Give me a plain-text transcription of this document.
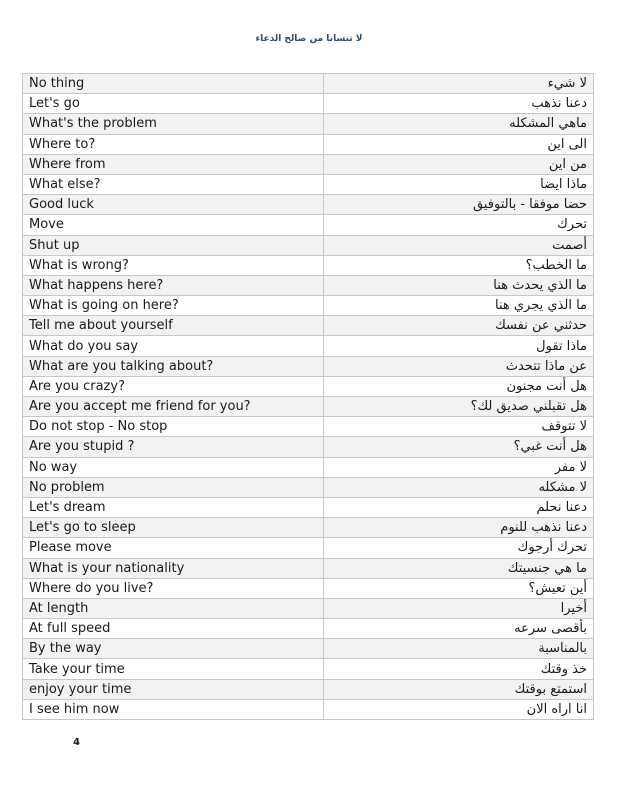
لا تنسانا من صالح الدعاء
No thing	لا شيء
Let's go	دعنا نذهب
What's the problem	ماهي المشكله
Where to?	الى اين
Where from	من اين
What else?	ماذا ايضا
Good luck	حضا موفقا - بالتوفيق
Move	تحرك
Shut up	أصمت
What is wrong?	ما الخطب؟
What happens here?	ما الذي يحدث هنا
What is going on here?	ما الذي يجري هنا
Tell me about yourself	حدثني عن نفسك
What do you say	ماذا تقول
What are you talking about?	عن ماذا تتحدث
Are you crazy?	هل أنت مجنون
Are you accept me friend for you?	هل تقبلني صديق لك؟
Do not stop - No stop	لا تتوقف
Are you stupid ?	هل أنت غبي؟
No way	لا مفر
No problem	لا مشكله
Let's dream	دعنا نحلم
Let's go to sleep	دعنا نذهب للنوم
Please move	تحرك أرجوك
What is your nationality	ما هي جنسيتك
Where do you live?	أين تعيش؟
At length	أخيرا
At full speed	بأقصى سرعه
By the way	بالمناسبة
Take your time	خذ وقتك
enjoy your time	استمتع بوقتك
I see him now	انا اراه الان
4
